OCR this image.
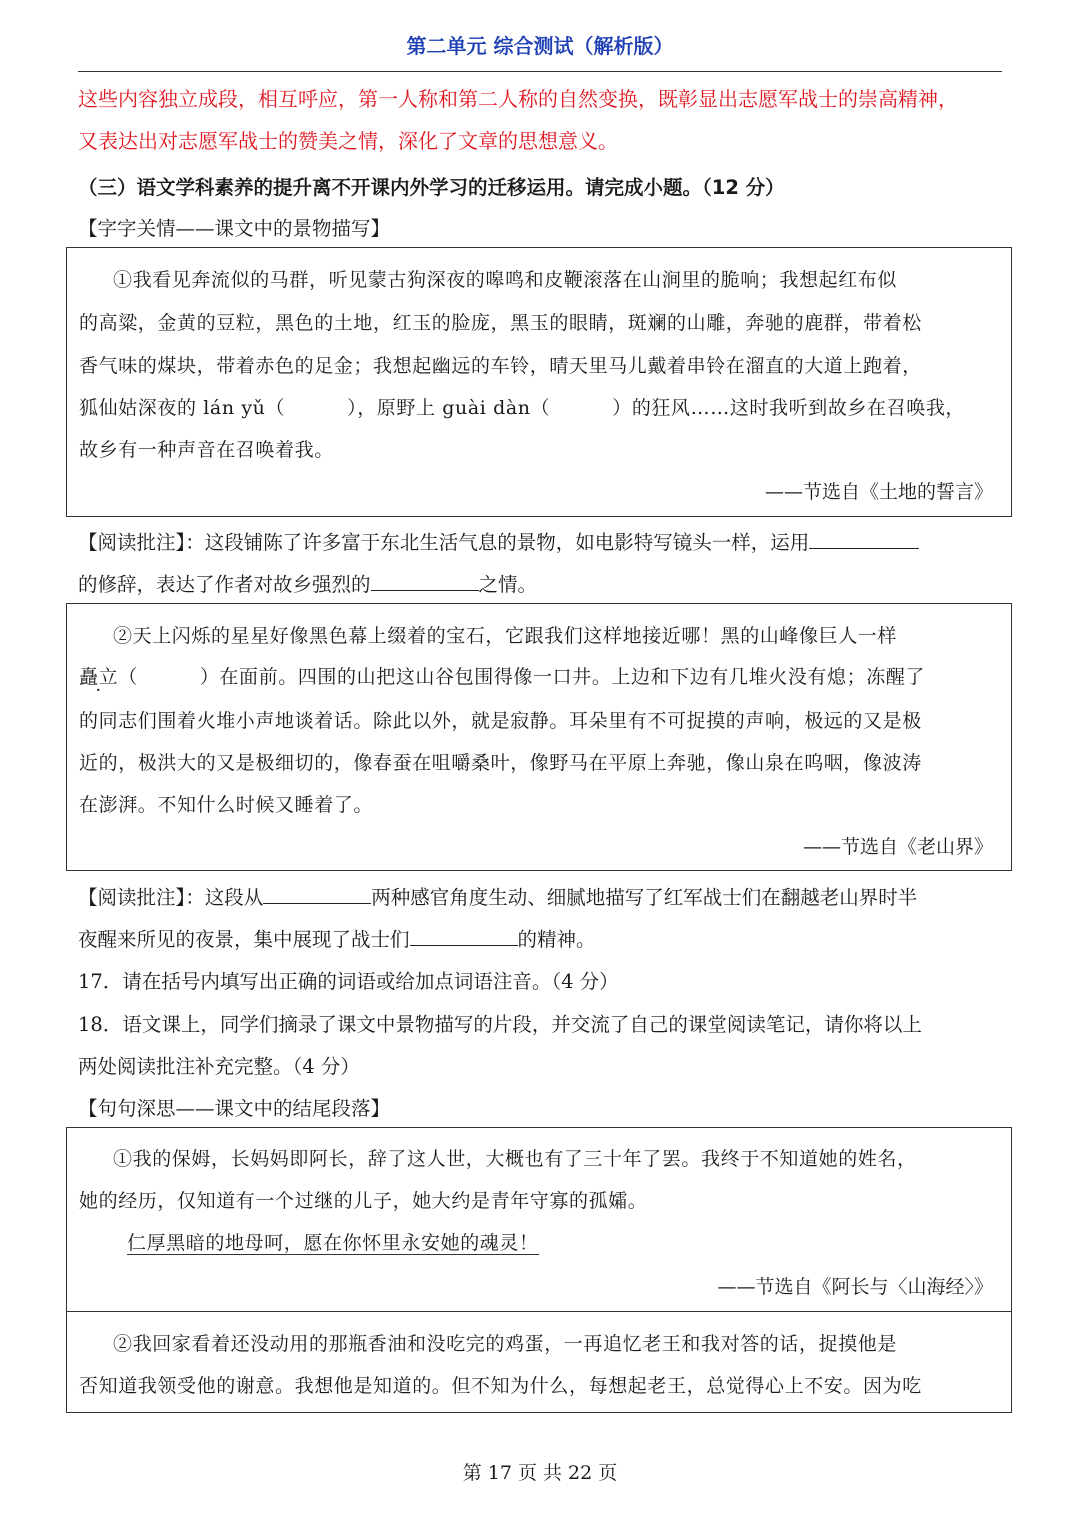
第二单元 综合测试（解析版）
这些内容独立成段，相互呼应，第一人称和第二人称的自然变换，既彰显出志愿军战士的崇高精神，
又表达出对志愿军战士的赞美之情，深化了文章的思想意义。
（三）语文学科素养的提升离不开课内外学习的迁移运用。请完成小题。（12 分）
【字字关情——课文中的景物描写】
①我看见奔流似的马群，听见蒙古狗深夜的嗥鸣和皮鞭滚落在山涧里的脆响；我想起红布似
的高粱，金黄的豆粒，黑色的土地，红玉的脸庞，黑玉的眼睛，斑斓的山雕，奔驰的鹿群，带着松
香气味的煤块，带着赤色的足金；我想起幽远的车铃，晴天里马儿戴着串铃在溜直的大道上跑着，
狐仙姑深夜的 lán yǔ（	），原野上 guài dàn（	）的狂风……这时我听到故乡在召唤我，
故乡有一种声音在召唤着我。
——节选自《土地的誓言》
【阅读批注】：这段铺陈了许多富于东北生活气息的景物，如电影特写镜头一样，运用
的修辞，表达了作者对故乡强烈的	之情。
②天上闪烁的星星好像黑色幕上缀着的宝石，它跟我们这样地接近哪！黑的山峰像巨人一样
矗立（	）在面前。四围的山把这山谷包围得像一口井。上边和下边有几堆火没有熄；冻醒了
的同志们围着火堆小声地谈着话。除此以外，就是寂静。耳朵里有不可捉摸的声响，极远的又是极
近的，极洪大的又是极细切的，像春蚕在咀嚼桑叶，像野马在平原上奔驰，像山泉在呜咽，像波涛
在澎湃。不知什么时候又睡着了。
——节选自《老山界》
【阅读批注】：这段从	两种感官角度生动、细腻地描写了红军战士们在翻越老山界时半
夜醒来所见的夜景，集中展现了战士们	的精神。
17．请在括号内填写出正确的词语或给加点词语注音。（4 分）
18．语文课上，同学们摘录了课文中景物描写的片段，并交流了自己的课堂阅读笔记，请你将以上
两处阅读批注补充完整。（4 分）
【句句深思——课文中的结尾段落】
①我的保姆，长妈妈即阿长，辞了这人世，大概也有了三十年了罢。我终于不知道她的姓名，
她的经历，仅知道有一个过继的儿子，她大约是青年守寡的孤孀。
仁厚黑暗的地母呵，愿在你怀里永安她的魂灵！
——节选自《阿长与〈山海经〉》
②我回家看着还没动用的那瓶香油和没吃完的鸡蛋，一再追忆老王和我对答的话，捉摸他是
否知道我领受他的谢意。我想他是知道的。但不知为什么，每想起老王，总觉得心上不安。因为吃
第 17 页 共 22 页
